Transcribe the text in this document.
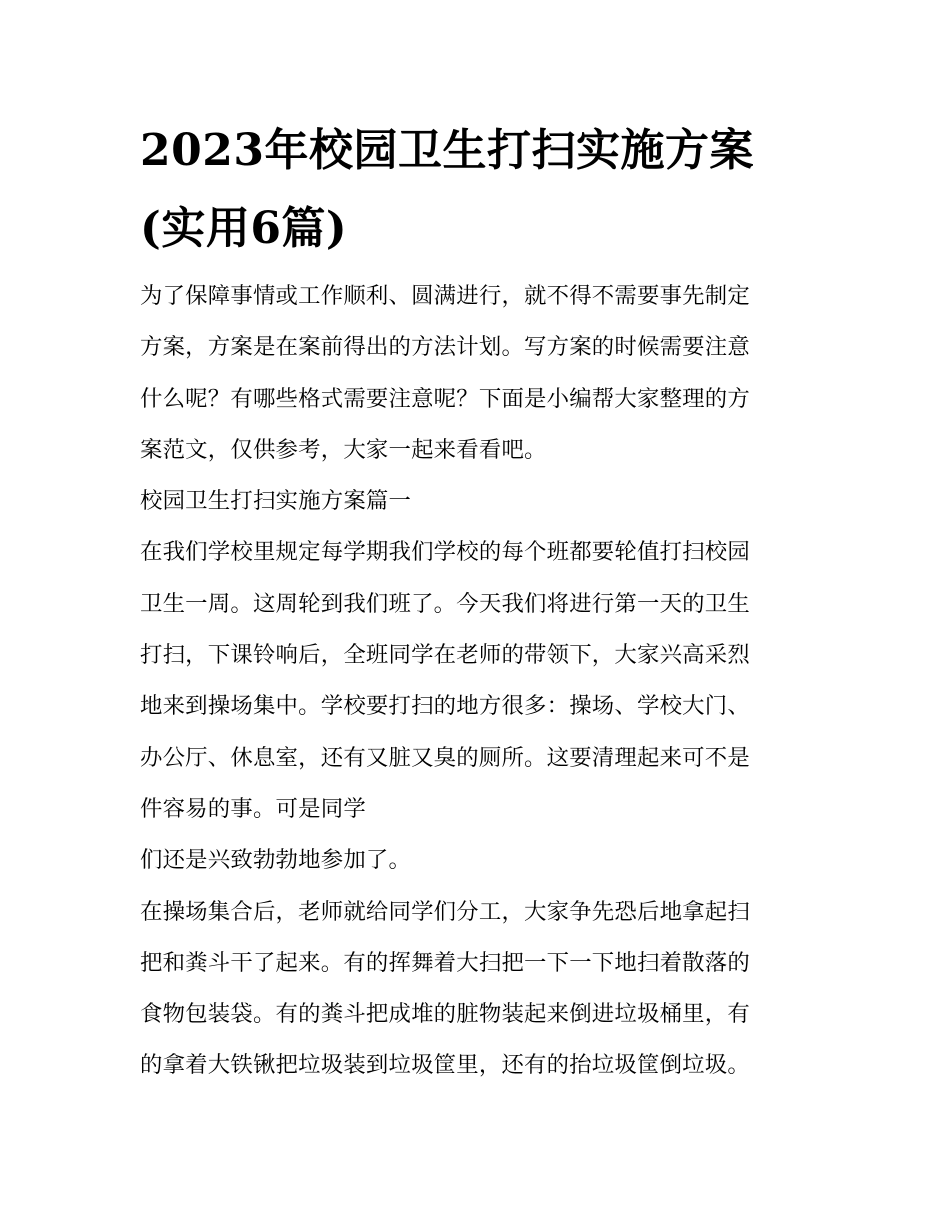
2023年校园卫生打扫实施方案
(实用6篇)

为了保障事情或工作顺利、圆满进行，就不得不需要事先制定
方案，方案是在案前得出的方法计划。写方案的时候需要注意
什么呢？有哪些格式需要注意呢？下面是小编帮大家整理的方
案范文，仅供参考，大家一起来看看吧。

校园卫生打扫实施方案篇一

在我们学校里规定每学期我们学校的每个班都要轮值打扫校园
卫生一周。这周轮到我们班了。今天我们将进行第一天的卫生
打扫，下课铃响后，全班同学在老师的带领下，大家兴高采烈
地来到操场集中。学校要打扫的地方很多：操场、学校大门、
办公厅、休息室，还有又脏又臭的厕所。这要清理起来可不是
件容易的事。可是同学

们还是兴致勃勃地参加了。

在操场集合后，老师就给同学们分工，大家争先恐后地拿起扫
把和粪斗干了起来。有的挥舞着大扫把一下一下地扫着散落的
食物包装袋。有的粪斗把成堆的脏物装起来倒进垃圾桶里，有
的拿着大铁锹把垃圾装到垃圾筐里，还有的抬垃圾筐倒垃圾。
